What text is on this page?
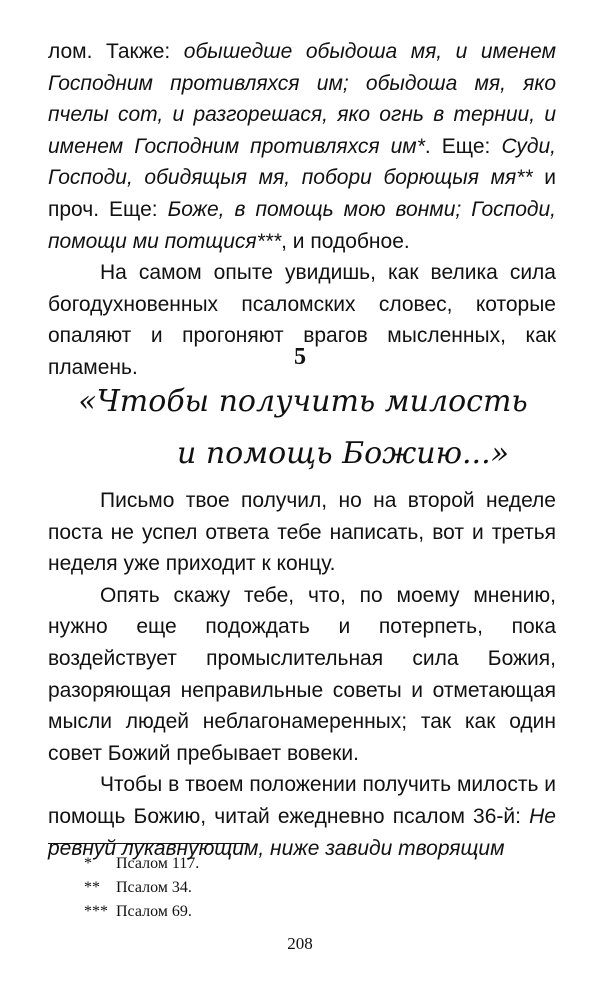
лом. Также: обышедше обыдоша мя, и именем Господним противляхся им; обыдоша мя, яко пчелы сот, и разгорешася, яко огнь в тернии, и именем Господним противляхся им*. Еще: Суди, Господи, обидящыя мя, побори борющыя мя** и проч. Еще: Боже, в помощь мою вонми; Господи, помощи ми потщися***, и подобное.

На самом опыте увидишь, как велика сила богодухновенных псаломских словес, которые опаляют и прогоняют врагов мысленных, как пламень.	5
«Чтобы получить милость
и помощь Божию...»

Письмо твое получил, но на второй неделе поста не успел ответа тебе написать, вот и третья неделя уже приходит к концу.

Опять скажу тебе, что, по моему мнению, нужно еще подождать и потерпеть, пока воздействует промыслительная сила Божия, разоряющая неправильные советы и отметающая мысли людей неблагонамеренных; так как один совет Божий пребывает вовеки.

Чтобы в твоем положении получить милость и помощь Божию, читай ежедневно псалом 36-й: Не ревнуй лукавнующим, ниже завиди творящим

* Псалом 117.
** Псалом 34.
*** Псалом 69.
208
